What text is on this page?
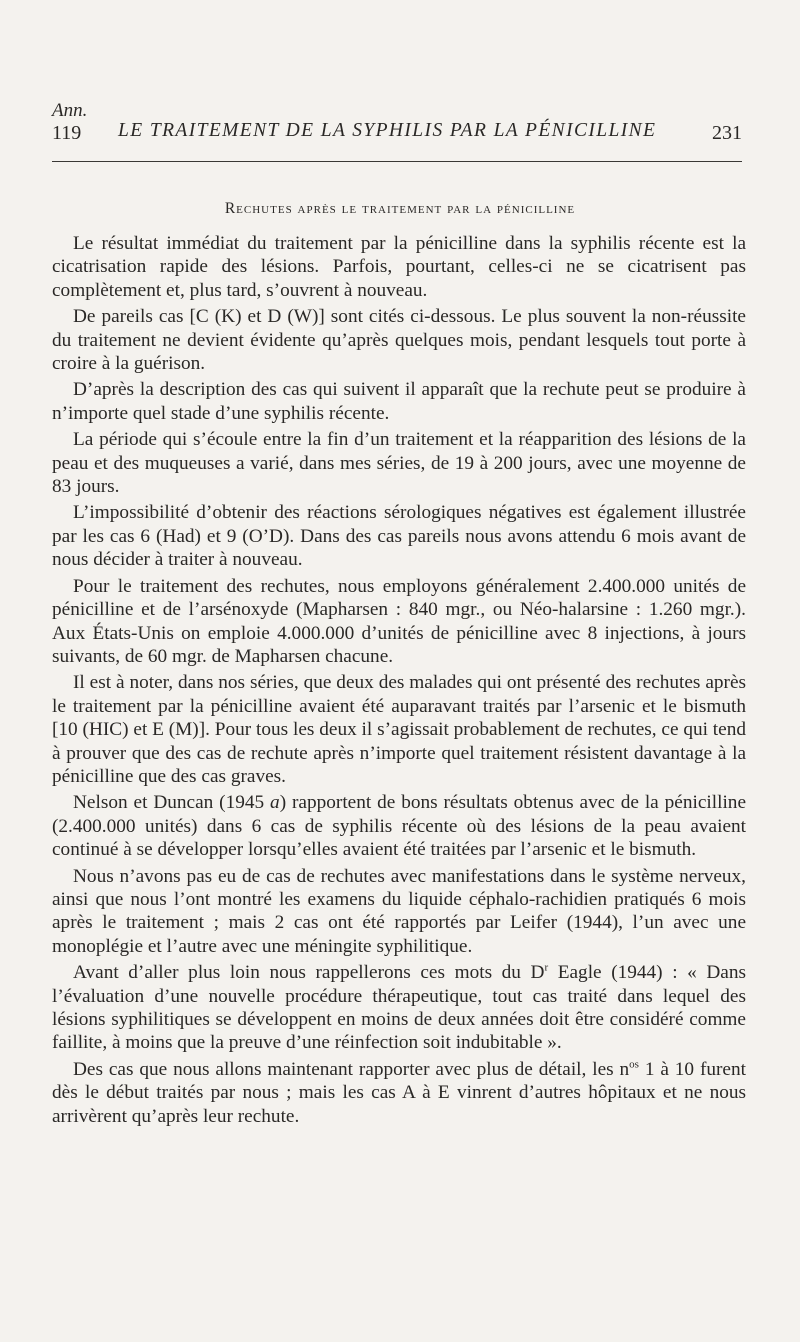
Ann.
119 LE TRAITEMENT DE LA SYPHILIS PAR LA PÉNICILLINE	231
Rechutes après le traitement par la pénicilline

Le résultat immédiat du traitement par la pénicilline dans la syphilis récente est la cicatrisation rapide des lésions. Parfois, pourtant, celles-ci ne se cicatrisent pas complètement et, plus tard, s’ouvrent à nouveau.

De pareils cas [C (K) et D (W)] sont cités ci-dessous. Le plus souvent la non-réussite du traitement ne devient évidente qu’après quelques mois, pendant lesquels tout porte à croire à la guérison.

D’après la description des cas qui suivent il apparaît que la rechute peut se produire à n’importe quel stade d’une syphilis récente.

La période qui s’écoule entre la fin d’un traitement et la réapparition des lésions de la peau et des muqueuses a varié, dans mes séries, de 19 à 200 jours, avec une moyenne de 83 jours.

L’impossibilité d’obtenir des réactions sérologiques négatives est également illustrée par les cas 6 (Had) et 9 (O’D). Dans des cas pareils nous avons attendu 6 mois avant de nous décider à traiter à nouveau.

Pour le traitement des rechutes, nous employons généralement 2.400.000 unités de pénicilline et de l’arsénoxyde (Mapharsen : 840 mgr., ou Néo-halarsine : 1.260 mgr.). Aux États-Unis on emploie 4.000.000 d’unités de pénicilline avec 8 injections, à jours suivants, de 60 mgr. de Mapharsen chacune.

Il est à noter, dans nos séries, que deux des malades qui ont présenté des rechutes après le traitement par la pénicilline avaient été auparavant traités par l’arsenic et le bismuth [10 (HIC) et E (M)]. Pour tous les deux il s’agissait probablement de rechutes, ce qui tend à prouver que des cas de rechute après n’importe quel traitement résistent davantage à la pénicilline que des cas graves.

Nelson et Duncan (1945 a) rapportent de bons résultats obtenus avec de la pénicilline (2.400.000 unités) dans 6 cas de syphilis récente où des lésions de la peau avaient continué à se développer lorsqu’elles avaient été traitées par l’arsenic et le bismuth.

Nous n’avons pas eu de cas de rechutes avec manifestations dans le système nerveux, ainsi que nous l’ont montré les examens du liquide céphalo-rachidien pratiqués 6 mois après le traitement ; mais 2 cas ont été rapportés par Leifer (1944), l’un avec une monoplégie et l’autre avec une méningite syphilitique.

Avant d’aller plus loin nous rappellerons ces mots du $D^r$ Eagle (1944) : « Dans l’évaluation d’une nouvelle procédure thérapeutique, tout cas traité dans lequel des lésions syphilitiques se développent en moins de deux années doit être considéré comme faillite, à moins que la preuve d’une réinfection soit indubitable ».

Des cas que nous allons maintenant rapporter avec plus de détail, les $n^{os}$ 1 à 10 furent dès le début traités par nous ; mais les cas A à E vinrent d’autres hôpitaux et ne nous arrivèrent qu’après leur rechute.
